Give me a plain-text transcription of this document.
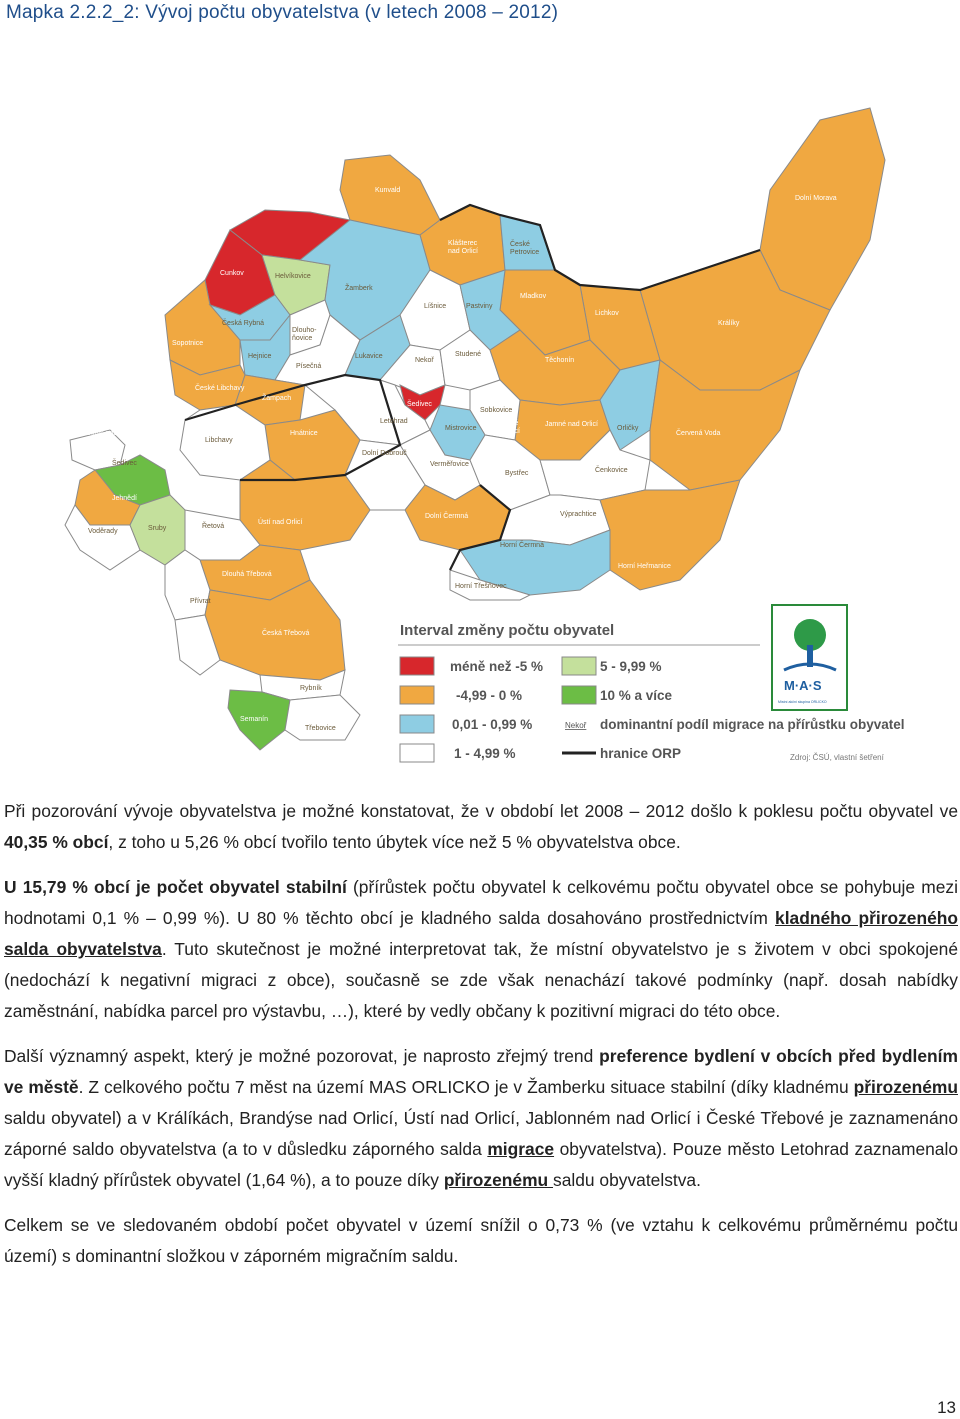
Mapka 2.2.2_2: Vývoj počtu obyvatelstva (v letech 2008 – 2012)
Kunvald
Dolní Morava
Klášterec
nad Orlicí
České
Petrovice
Helvíkovice
Žamberk
Líšnice
Mladkov
Lichkov
Králíky
Cunkov
Sopotnice
Česká Rybná
Hejnice
Dlouho-
ňovice
Pastviny
Písečná
Lukavice
Nekoř
Studené
Těchonín
Šedivec
Sobkovice
České Libchavy
Žampach
Jamné nad Orlicí
Orličky
Letohrad
Hnátnice
Libchavy
Mistrovice
Jablonné
nad Orlicí	Červená Voda
Dolní Dobrouč
Verměřovice
Bystřec	Čenkovice
Brandýs nad
Orlicí
Šedivec
Jehnědí
Voděrady	Sruby
Ústí nad Orlicí
Dolní Čermná	Výprachtice
Horní Heřmanice
Horní Čermná
Horní Třešňovec
Řetová
Dlouhá Třebová
Přívrat
Česká Třebová
Rybník
Semanín
Třebovice
Interval změny počtu obyvatel
méně než -5 %	5 - 9,99 %
-4,99 - 0 %	10 % a více
0,01 - 0,99 %	Nekoř dominantní podíl migrace na přírůstku obyvatel
1 - 4,99 %	hranice ORP	Zdroj: ČSÚ, vlastní šetření
M·A·S
Místní akční skupina ORLICKO

Při pozorování vývoje obyvatelstva je možné konstatovat, že v období let 2008 – 2012 došlo k poklesu počtu obyvatel ve 40,35 % obcí, z toho u 5,26 % obcí tvořilo tento úbytek více než 5 % obyvatelstva obce.

U 15,79 % obcí je počet obyvatel stabilní (přírůstek počtu obyvatel k celkovému počtu obyvatel obce se pohybuje mezi hodnotami 0,1 % – 0,99 %). U 80 % těchto obcí je kladného salda dosahováno prostřednictvím kladného přirozeného salda obyvatelstva. Tuto skutečnost je možné interpretovat tak, že místní obyvatelstvo je s životem v obci spokojené (nedochází k negativní migraci z obce), současně se zde však nenachází takové podmínky (např. dosah nabídky zaměstnání, nabídka parcel pro výstavbu, …), které by vedly občany k pozitivní migraci do této obce.

Další významný aspekt, který je možné pozorovat, je naprosto zřejmý trend preference bydlení v obcích před bydlením ve městě. Z celkového počtu 7 měst na území MAS ORLICKO je v Žamberku situace stabilní (díky kladnému přirozenému saldu obyvatel) a v Králíkách, Brandýse nad Orlicí, Ústí nad Orlicí, Jablonném nad Orlicí i České Třebové je zaznamenáno záporné saldo obyvatelstva (a to v důsledku záporného salda migrace obyvatelstva). Pouze město Letohrad zaznamenalo vyšší kladný přírůstek obyvatel (1,64 %), a to pouze díky přirozenému saldu obyvatelstva.

Celkem se ve sledovaném období počet obyvatel v území snížil o 0,73 % (ve vztahu k celkovému průměrnému počtu území) s dominantní složkou v záporném migračním saldu.

13
